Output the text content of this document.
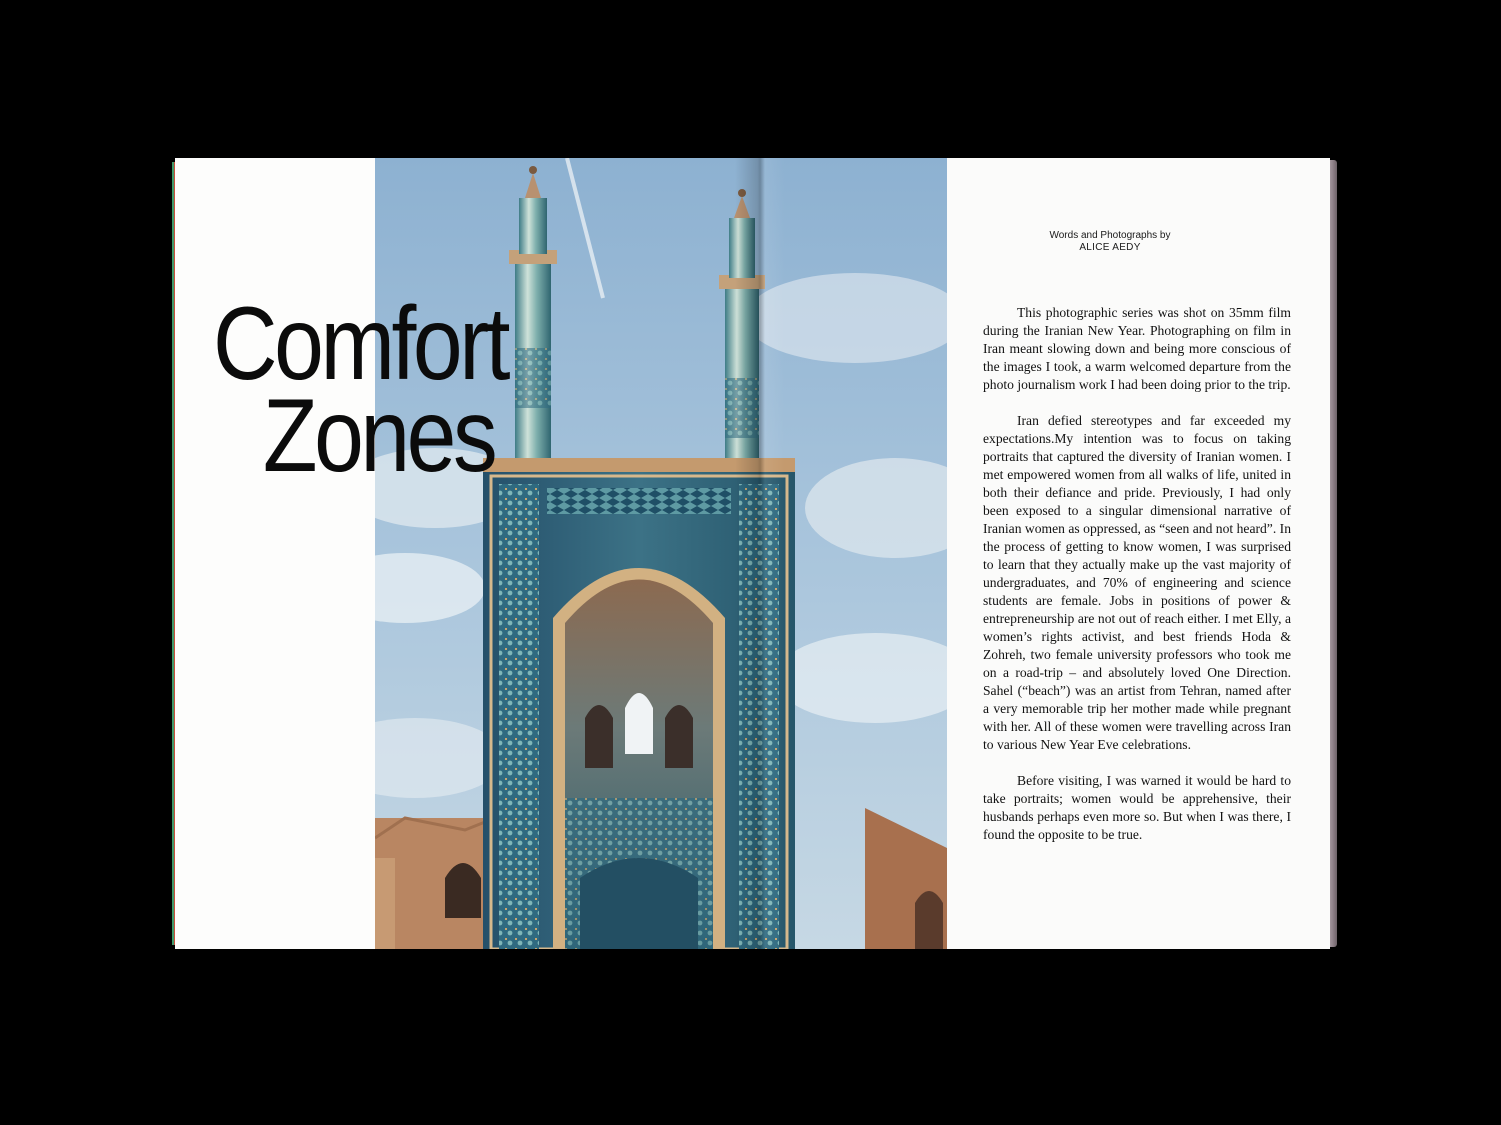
Comfort
Zones
Words and Photographs by
ALICE AEDY

This photographic series was shot on 35mm film during the Iranian New Year. Photographing on film in Iran meant slowing down and being more conscious of the images I took, a warm welcomed departure from the photo journalism work I had been doing prior to the trip.

Iran defied stereotypes and far exceeded my expectations.My intention was to focus on taking portraits that captured the diversity of Iranian women. I met empowered women from all walks of life, united in both their defiance and pride. Previously, I had only been exposed to a singular dimensional narrative of Iranian women as oppressed, as “seen and not heard”. In the process of getting to know women, I was surprised to learn that they actually make up the vast majority of undergraduates, and 70% of engineering and science students are female. Jobs in positions of power & entrepreneurship are not out of reach either. I met Elly, a women’s rights activist, and best friends Hoda & Zohreh, two female university professors who took me on a road-trip – and absolutely loved One Direction. Sahel (“beach”) was an artist from Tehran, named after a very memorable trip her mother made while pregnant with her. All of these women were travelling across Iran to various New Year Eve celebrations.

Before visiting, I was warned it would be hard to take portraits; women would be apprehensive, their husbands perhaps even more so. But when I was there, I found the opposite to be true.
